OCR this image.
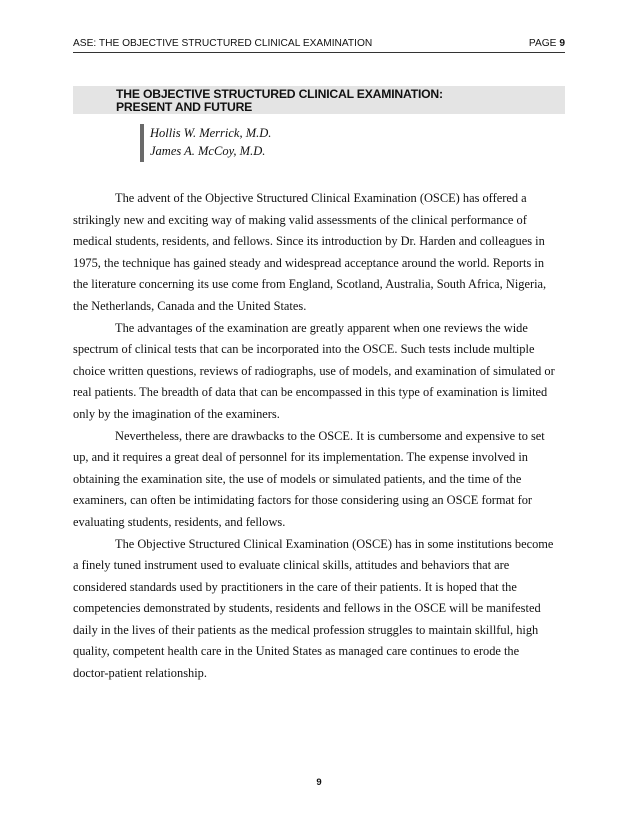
ASE: THE OBJECTIVE STRUCTURED CLINICAL EXAMINATION	PAGE 9
THE OBJECTIVE STRUCTURED CLINICAL EXAMINATION:
PRESENT AND FUTURE
Hollis W. Merrick, M.D.
James A. McCoy, M.D.
The advent of the Objective Structured Clinical Examination (OSCE) has offered a
strikingly new and exciting way of making valid assessments of the clinical performance of
medical students, residents, and fellows. Since its introduction by Dr. Harden and colleagues in
1975, the technique has gained steady and widespread acceptance around the world. Reports in
the literature concerning its use come from England, Scotland, Australia, South Africa, Nigeria,
the Netherlands, Canada and the United States.
The advantages of the examination are greatly apparent when one reviews the wide
spectrum of clinical tests that can be incorporated into the OSCE. Such tests include multiple
choice written questions, reviews of radiographs, use of models, and examination of simulated or
real patients. The breadth of data that can be encompassed in this type of examination is limited
only by the imagination of the examiners.
Nevertheless, there are drawbacks to the OSCE. It is cumbersome and expensive to set
up, and it requires a great deal of personnel for its implementation. The expense involved in
obtaining the examination site, the use of models or simulated patients, and the time of the
examiners, can often be intimidating factors for those considering using an OSCE format for
evaluating students, residents, and fellows.
The Objective Structured Clinical Examination (OSCE) has in some institutions become
a finely tuned instrument used to evaluate clinical skills, attitudes and behaviors that are
considered standards used by practitioners in the care of their patients. It is hoped that the
competencies demonstrated by students, residents and fellows in the OSCE will be manifested
daily in the lives of their patients as the medical profession struggles to maintain skillful, high
quality, competent health care in the United States as managed care continues to erode the
doctor-patient relationship.
9
